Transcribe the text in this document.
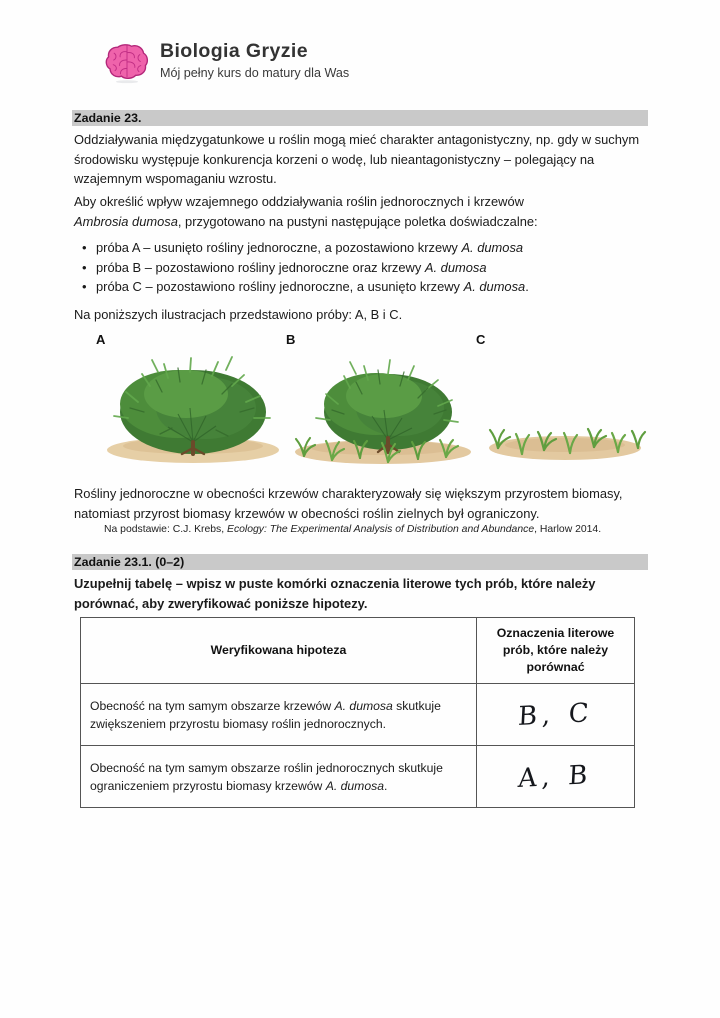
Biologia Gryzie
Mój pełny kurs do matury dla Was
Zadanie 23.
Oddziaływania międzygatunkowe u roślin mogą mieć charakter antagonistyczny, np. gdy w suchym środowisku występuje konkurencja korzeni o wodę, lub nieantagonistyczny – polegający na wzajemnym wspomaganiu wzrostu.
Aby określić wpływ wzajemnego oddziaływania roślin jednorocznych i krzewów
Ambrosia dumosa, przygotowano na pustyni następujące poletka doświadczalne:
• próba A – usunięto rośliny jednoroczne, a pozostawiono krzewy A. dumosa
• próba B – pozostawiono rośliny jednoroczne oraz krzewy A. dumosa
• próba C – pozostawiono rośliny jednoroczne, a usunięto krzewy A. dumosa.
Na poniższych ilustracjach przedstawiono próby: A, B i C.
A	B	C
Rośliny jednoroczne w obecności krzewów charakteryzowały się większym przyrostem biomasy, natomiast przyrost biomasy krzewów w obecności roślin zielnych był ograniczony.
Na podstawie: C.J. Krebs, Ecology: The Experimental Analysis of Distribution and Abundance, Harlow 2014.
Zadanie 23.1. (0–2)
Uzupełnij tabelę – wpisz w puste komórki oznaczenia literowe tych prób, które należy porównać, aby zweryfikować poniższe hipotezy.
Weryfikowana hipoteza	Oznaczenia literowe
prób, które należy
porównać
Obecność na tym samym obszarze krzewów A. dumosa skutkuje zwiększeniem przyrostu biomasy roślin jednorocznych.	B, C
Obecność na tym samym obszarze roślin jednorocznych skutkuje ograniczeniem przyrostu biomasy krzewów A. dumosa.	A, B
